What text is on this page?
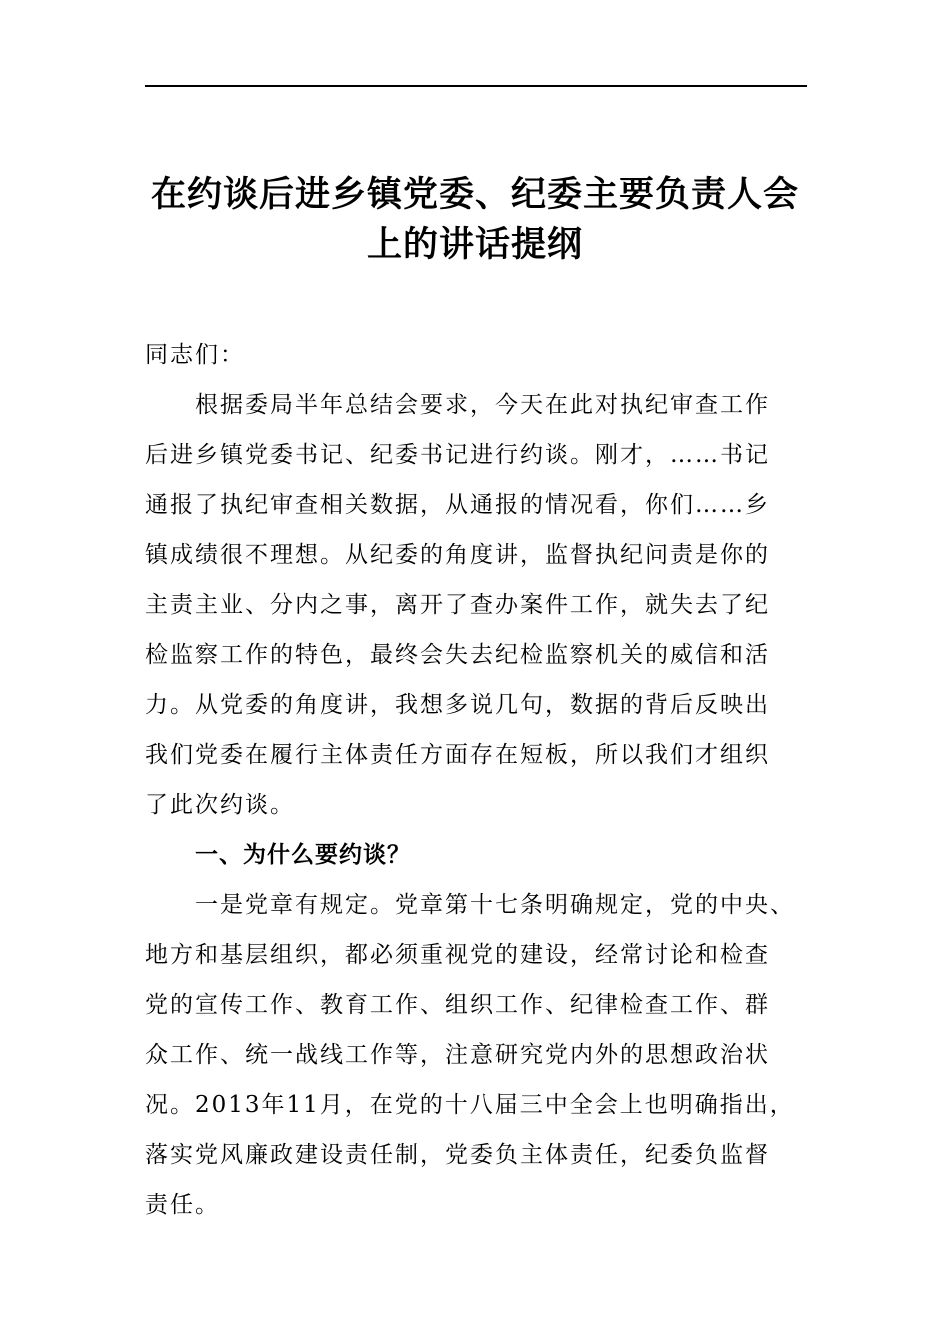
在约谈后进乡镇党委、纪委主要负责人会
上的讲话提纲
同志们：
根据委局半年总结会要求，今天在此对执纪审查工作
后进乡镇党委书记、纪委书记进行约谈。刚才，……书记
通报了执纪审查相关数据，从通报的情况看，你们……乡
镇成绩很不理想。从纪委的角度讲，监督执纪问责是你的
主责主业、分内之事，离开了查办案件工作，就失去了纪
检监察工作的特色，最终会失去纪检监察机关的威信和活
力。从党委的角度讲，我想多说几句，数据的背后反映出
我们党委在履行主体责任方面存在短板，所以我们才组织
了此次约谈。
一、为什么要约谈？
一是党章有规定。党章第十七条明确规定，党的中央、
地方和基层组织，都必须重视党的建设，经常讨论和检查
党的宣传工作、教育工作、组织工作、纪律检查工作、群
众工作、统一战线工作等，注意研究党内外的思想政治状
况。2013年11月，在党的十八届三中全会上也明确指出，
落实党风廉政建设责任制，党委负主体责任，纪委负监督
责任。
